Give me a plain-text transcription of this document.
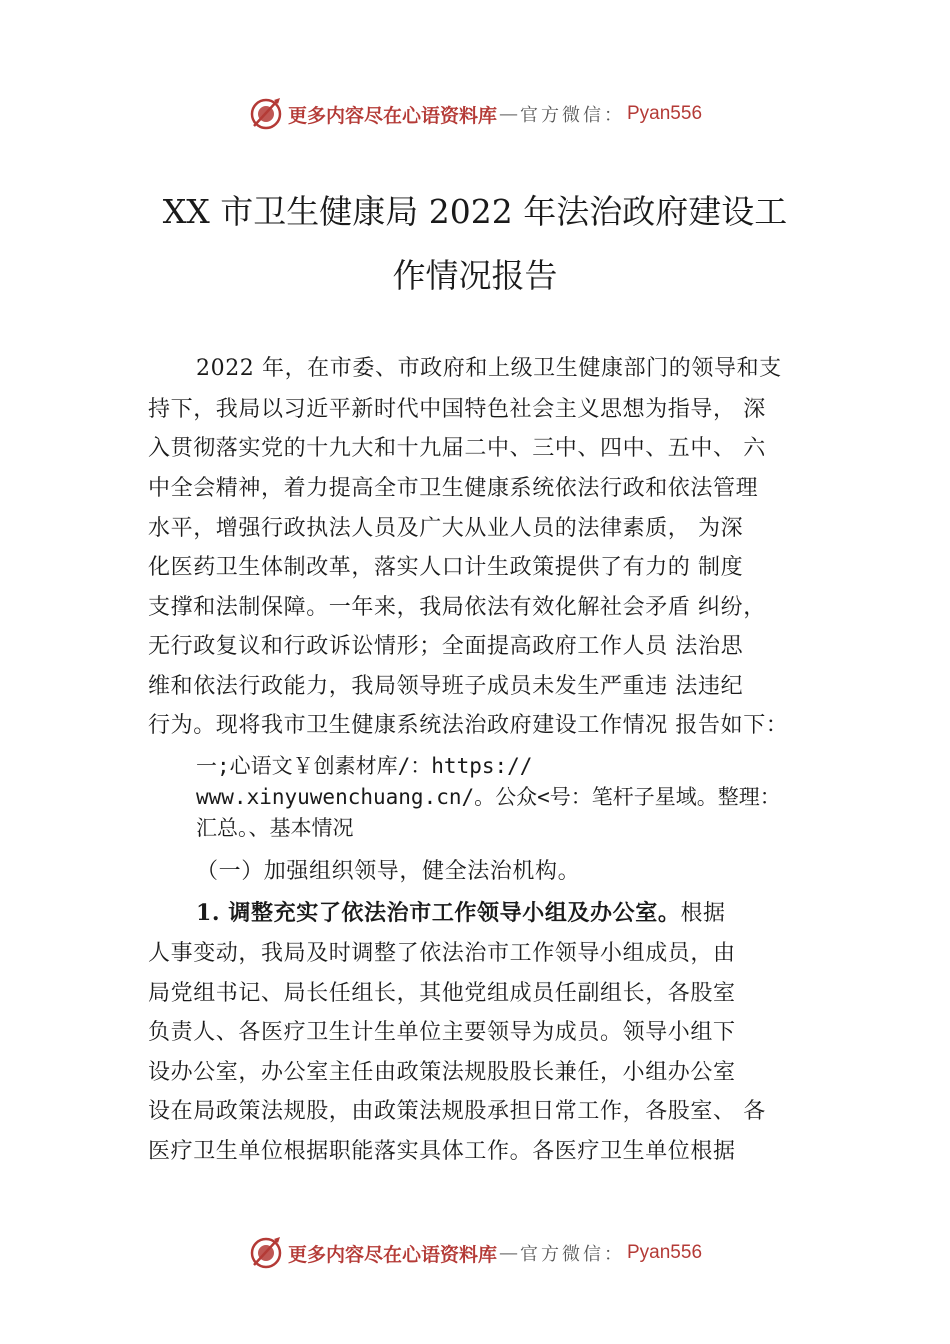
更多内容尽在心语资料库 — 官方微信： Pyan556
XX 市卫生健康局 2022 年法治政府建设工
作情况报告
2022 年，在市委、市政府和上级卫生健康部门的领导和支
持下，我局以习近平新时代中国特色社会主义思想为指导， 深
入贯彻落实党的十九大和十九届二中、三中、四中、五中、 六
中全会精神，着力提高全市卫生健康系统依法行政和依法管理
水平，增强行政执法人员及广大从业人员的法律素质， 为深
化医药卫生体制改革，落实人口计生政策提供了有力的 制度
支撑和法制保障。一年来，我局依法有效化解社会矛盾 纠纷，
无行政复议和行政诉讼情形；全面提高政府工作人员 法治思
维和依法行政能力，我局领导班子成员未发生严重违 法违纪
行为。现将我市卫生健康系统法治政府建设工作情况 报告如下：
一;心语文￥创素材库/：https://
www.xinyuwenchuang.cn/。公众<号：笔杆子星域。整理：
汇总。、基本情况
（一）加强组织领导，健全法治机构。
1. 调整充实了依法治市工作领导小组及办公室。根据
人事变动，我局及时调整了依法治市工作领导小组成员，由
局党组书记、局长任组长，其他党组成员任副组长，各股室
负责人、各医疗卫生计生单位主要领导为成员。领导小组下
设办公室，办公室主任由政策法规股股长兼任，小组办公室
设在局政策法规股，由政策法规股承担日常工作，各股室、 各
医疗卫生单位根据职能落实具体工作。各医疗卫生单位根据
更多内容尽在心语资料库 — 官方微信： Pyan556
